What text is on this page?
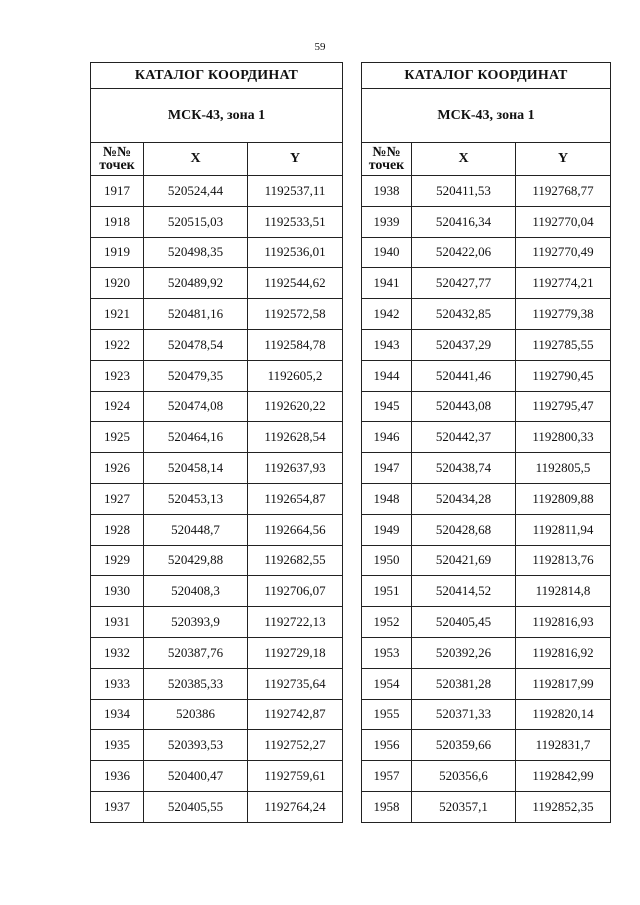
59
КАТАЛОГ КООРДИНАТ		
МСК-43, зона 1		
№№ точек	X	Y
1917	520524,44	1192537,11
1918	520515,03	1192533,51
1919	520498,35	1192536,01
1920	520489,92	1192544,62
1921	520481,16	1192572,58
1922	520478,54	1192584,78
1923	520479,35	1192605,2
1924	520474,08	1192620,22
1925	520464,16	1192628,54
1926	520458,14	1192637,93
1927	520453,13	1192654,87
1928	520448,7	1192664,56
1929	520429,88	1192682,55
1930	520408,3	1192706,07
1931	520393,9	1192722,13
1932	520387,76	1192729,18
1933	520385,33	1192735,64
1934	520386	1192742,87
1935	520393,53	1192752,27
1936	520400,47	1192759,61
1937	520405,55	1192764,24
КАТАЛОГ КООРДИНАТ		
МСК-43, зона 1		
№№ точек	X	Y
1938	520411,53	1192768,77
1939	520416,34	1192770,04
1940	520422,06	1192770,49
1941	520427,77	1192774,21
1942	520432,85	1192779,38
1943	520437,29	1192785,55
1944	520441,46	1192790,45
1945	520443,08	1192795,47
1946	520442,37	1192800,33
1947	520438,74	1192805,5
1948	520434,28	1192809,88
1949	520428,68	1192811,94
1950	520421,69	1192813,76
1951	520414,52	1192814,8
1952	520405,45	1192816,93
1953	520392,26	1192816,92
1954	520381,28	1192817,99
1955	520371,33	1192820,14
1956	520359,66	1192831,7
1957	520356,6	1192842,99
1958	520357,1	1192852,35
